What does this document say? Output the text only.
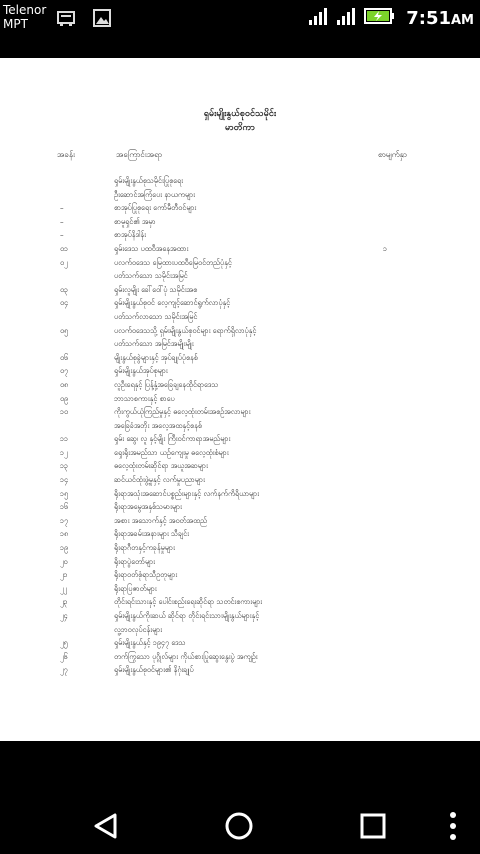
Telenor
MPT	7:51AM
ရှမ်းမျိုးနွယ်စုဝင်သမိုင်း
မာတိကာ
အခန်း	အကြောင်းအရာ	စာမျက်နှာ
ရှမ်းမျိုးနွယ်စုသမိုင်းပြုစုရေး
ဦးဆောင်အကြံပေး နာယကများ
–	စာအုပ်ပြုစုရေး ကော်မီတီဝင်များ
–	စာမူရှင်၏ အမှာ
–	စာအုပ်နိဒါန်း
၀၁	ရှမ်းဒေသ ပထဝီအနေအထား	၁
၀၂	ပလက်ဝဒေသ မြေထားပထဝီမြေဝင်တည်ပုံနှင့်
ပတ်သက်သော သမိုင်းအမြင်
၀၃	ရှမ်းလူမျိုး ခေါ်ဝေါ်ပုံ သမိုင်းအစ
၀၄	ရှမ်းမျိုးနွယ်စုဝင် လေ့ကျင့်ဆောင်ရွက်လာပုံနှင့်
ပတ်သက်လာသော သမိုင်းအမြင်
၀၅	ပလက်ဝဒေသသို့ ရှမ်းမျိုးနွယ်စုဝင်များ ရောက်ရှိလာပုံနှင့်
ပတ်သက်သော အမြင်အမျိုးမျိုး
၀၆	မျိုးနွယ်စုခွဲများနှင့် အုပ်ချုပ်ပုံစနစ်
၀၇	ရှမ်းမျိုးနွယ်အုပ်စုများ
၀၈	လူဦးရေနှင့် ပြန့်နှံ့အခြေချနေထိုင်ရာဒေသ
၀၉	ဘာသာစကားနှင့် စာပေ
၁၀	ကိုးကွယ်ယုံကြည်မှုနှင့် ဓလေ့ထုံးတမ်းအစဉ်အလာများ
အခြေခံအဘိုး အလေ့အထနှင့်စနစ်
၁၁	ရှမ်း ဆွေ၊ လူ နှင့်မျိုး ကြီးဝင်ကာရာအမည်များ
၁၂	ရှေးရိုးအမည်သာ ယဉ်ကျေးမှု ဓလေ့ထုံးစံများ
၁၃	ဓလေ့ထုံးတမ်းဆိုင်ရာ အယူအဆများ
၁၄	ဆင်ယင်ထုံးဖွဲ့မှုနှင့် လက်မှုပညာများ
၁၅	ရိုးရာအသုံးအဆောင်ပစ္စည်းများနှင့် လက်နက်ကိရိယာများ
၁၆	ရိုးရာအမွေအနှစ်သမားများ
၁၇	အစား အသောက်နှင့် အဝတ်အထည်
၁၈	ရိုးရာအခမ်းအနားများ သီချင်း
၁၉	ရိုးရာဂီတနှင့်ကခုန်မှုများ
၂၀	ရိုးရာပွဲတော်များ
၂၁	ရိုးရာဝတ်စုံရာသီဥတုများ
၂၂	ရိုးရာပြဇာတ်များ
၂၃	တိုင်းရင်းသားနှင့် ပေါင်းစည်းရေးဆိုင်ရာ သတင်းစကားများ
၂၄	ရှမ်းမျိုးနွယ်ကိုးဆယ် ဆိုင်ရာ တိုင်းရင်းသားမျိုးနွယ်များနှင့်
လူ့ဘဝလုပ်ငန်းများ
၂၅	ရှမ်းမျိုးနွယ်နှင့် ၁၉၄၇ ဒေသ
၂၆	တက်ကြွသော ပုဂ္ဂိုလ်များ ကိုယ်စားပြုဆွေးနွေးပွဲ အကျဉ်း
၂၇	ရှမ်းမျိုးနွယ်စုဝင်များ၏ နိဂုံးချုပ်
